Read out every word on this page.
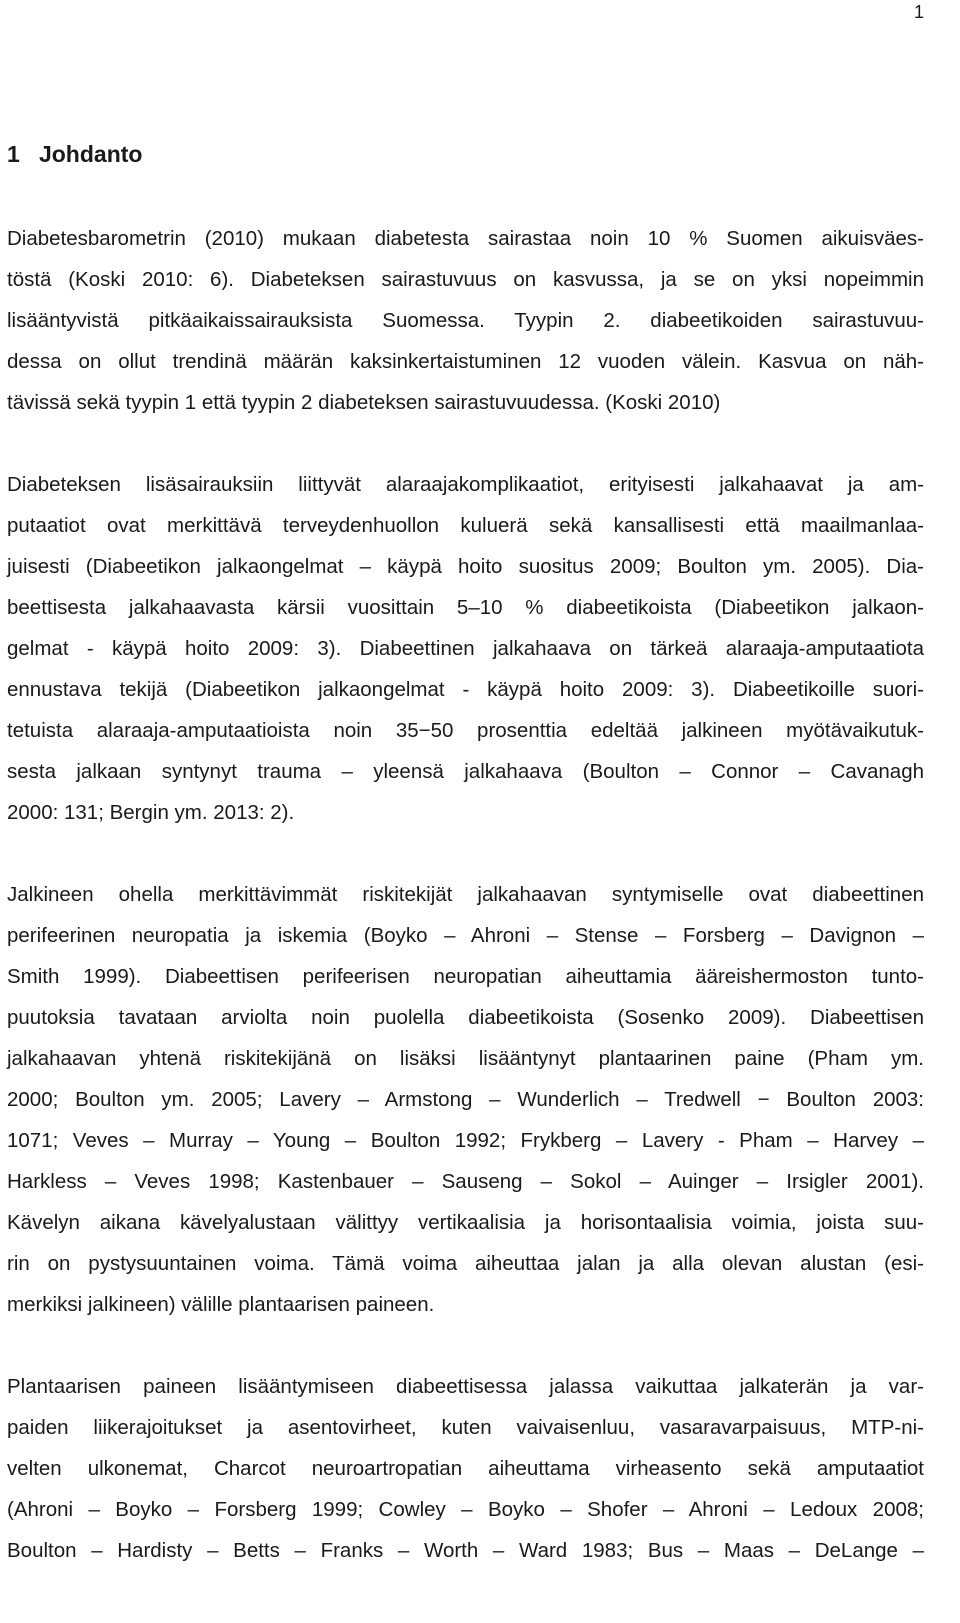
1
1   Johdanto
Diabetesbarometrin (2010) mukaan diabetesta sairastaa noin 10 % Suomen aikuisväes-
töstä (Koski 2010: 6). Diabeteksen sairastuvuus on kasvussa, ja se on yksi nopeimmin
lisääntyvistä pitkäaikaissairauksista Suomessa. Tyypin 2. diabeetikoiden sairastuvuu-
dessa on ollut trendinä määrän kaksinkertaistuminen 12 vuoden välein. Kasvua on näh-
tävissä sekä tyypin 1 että tyypin 2 diabeteksen sairastuvuudessa. (Koski 2010)
Diabeteksen lisäsairauksiin liittyvät alaraajakomplikaatiot, erityisesti jalkahaavat ja am-
putaatiot ovat merkittävä terveydenhuollon kuluerä sekä kansallisesti että maailmanlaa-
juisesti (Diabeetikon jalkaongelmat – käypä hoito suositus 2009; Boulton ym. 2005). Dia-
beettisesta jalkahaavasta kärsii vuosittain 5–10 % diabeetikoista (Diabeetikon jalkaon-
gelmat - käypä hoito 2009: 3). Diabeettinen jalkahaava on tärkeä alaraaja-amputaatiota
ennustava tekijä (Diabeetikon jalkaongelmat - käypä hoito 2009: 3). Diabeetikoille suori-
tetuista alaraaja-amputaatioista noin 35−50 prosenttia edeltää jalkineen myötävaikutuk-
sesta jalkaan syntynyt trauma – yleensä jalkahaava (Boulton – Connor – Cavanagh
2000: 131; Bergin ym. 2013: 2).
Jalkineen ohella merkittävimmät riskitekijät jalkahaavan syntymiselle ovat diabeettinen
perifeerinen neuropatia ja iskemia (Boyko – Ahroni – Stense – Forsberg – Davignon –
Smith 1999). Diabeettisen perifeerisen neuropatian aiheuttamia ääreishermoston tunto-
puutoksia tavataan arviolta noin puolella diabeetikoista (Sosenko 2009). Diabeettisen
jalkahaavan yhtenä riskitekijänä on lisäksi lisääntynyt plantaarinen paine (Pham ym.
2000; Boulton ym. 2005; Lavery – Armstong – Wunderlich – Tredwell − Boulton 2003:
1071; Veves – Murray – Young – Boulton 1992; Frykberg – Lavery - Pham – Harvey –
Harkless – Veves 1998; Kastenbauer – Sauseng – Sokol – Auinger – Irsigler 2001).
Kävelyn aikana kävelyalustaan välittyy vertikaalisia ja horisontaalisia voimia, joista suu-
rin on pystysuuntainen voima. Tämä voima aiheuttaa jalan ja alla olevan alustan (esi-
merkiksi jalkineen) välille plantaarisen paineen.
Plantaarisen paineen lisääntymiseen diabeettisessa jalassa vaikuttaa jalkaterän ja var-
paiden liikerajoitukset ja asentovirheet, kuten vaivaisenluu, vasaravarpaisuus, MTP-ni-
velten ulkonemat, Charcot neuroartropatian aiheuttama virheasento sekä amputaatiot
(Ahroni – Boyko – Forsberg 1999; Cowley – Boyko – Shofer – Ahroni – Ledoux 2008;
Boulton – Hardisty – Betts – Franks – Worth – Ward 1983; Bus – Maas – DeLange –
